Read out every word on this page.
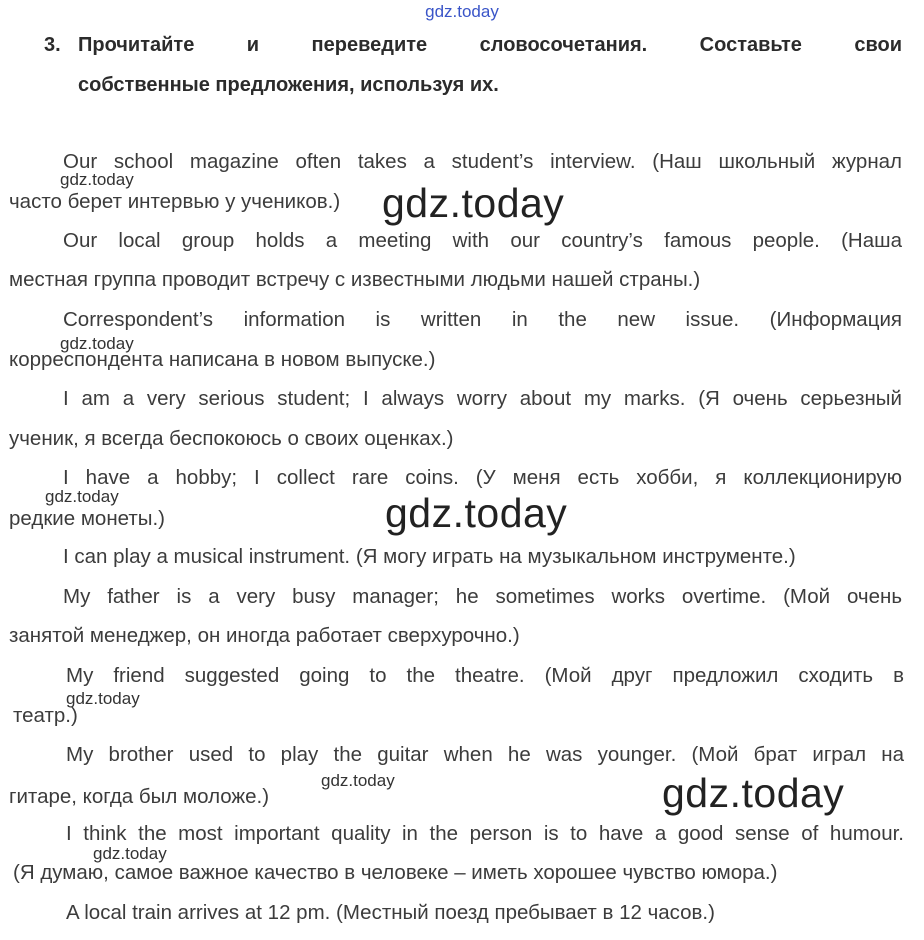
gdz.today
3. Прочитайте и переведите словосочетания. Составьте свои
собственные предложения, используя их.
Our school magazine often takes a student’s interview. (Наш школьный журнал
часто берет интервью у учеников.)
Our local group holds a meeting with our country’s famous people. (Наша
местная группа проводит встречу с известными людьми нашей страны.)
Correspondent’s information is written in the new issue. (Информация
корреспондента написана в новом выпуске.)
I am a very serious student; I always worry about my marks. (Я очень серьезный
ученик, я всегда беспокоюсь о своих оценках.)
I have a hobby; I collect rare coins. (У меня есть хобби, я коллекционирую
редкие монеты.)
I can play a musical instrument. (Я могу играть на музыкальном инструменте.)
My father is a very busy manager; he sometimes works overtime. (Мой очень
занятой менеджер, он иногда работает сверхурочно.)
My friend suggested going to the theatre. (Мой друг предложил сходить в
театр.)
My brother used to play the guitar when he was younger. (Мой брат играл на
гитаре, когда был моложе.)
I think the most important quality in the person is to have a good sense of humour.
(Я думаю, самое важное качество в человеке – иметь хорошее чувство юмора.)
A local train arrives at 12 pm. (Местный поезд пребывает в 12 часов.)
gdz.today
gdz.today
gdz.today
gdz.today
gdz.today
gdz.today
gdz.today
gdz.today
gdz.today
